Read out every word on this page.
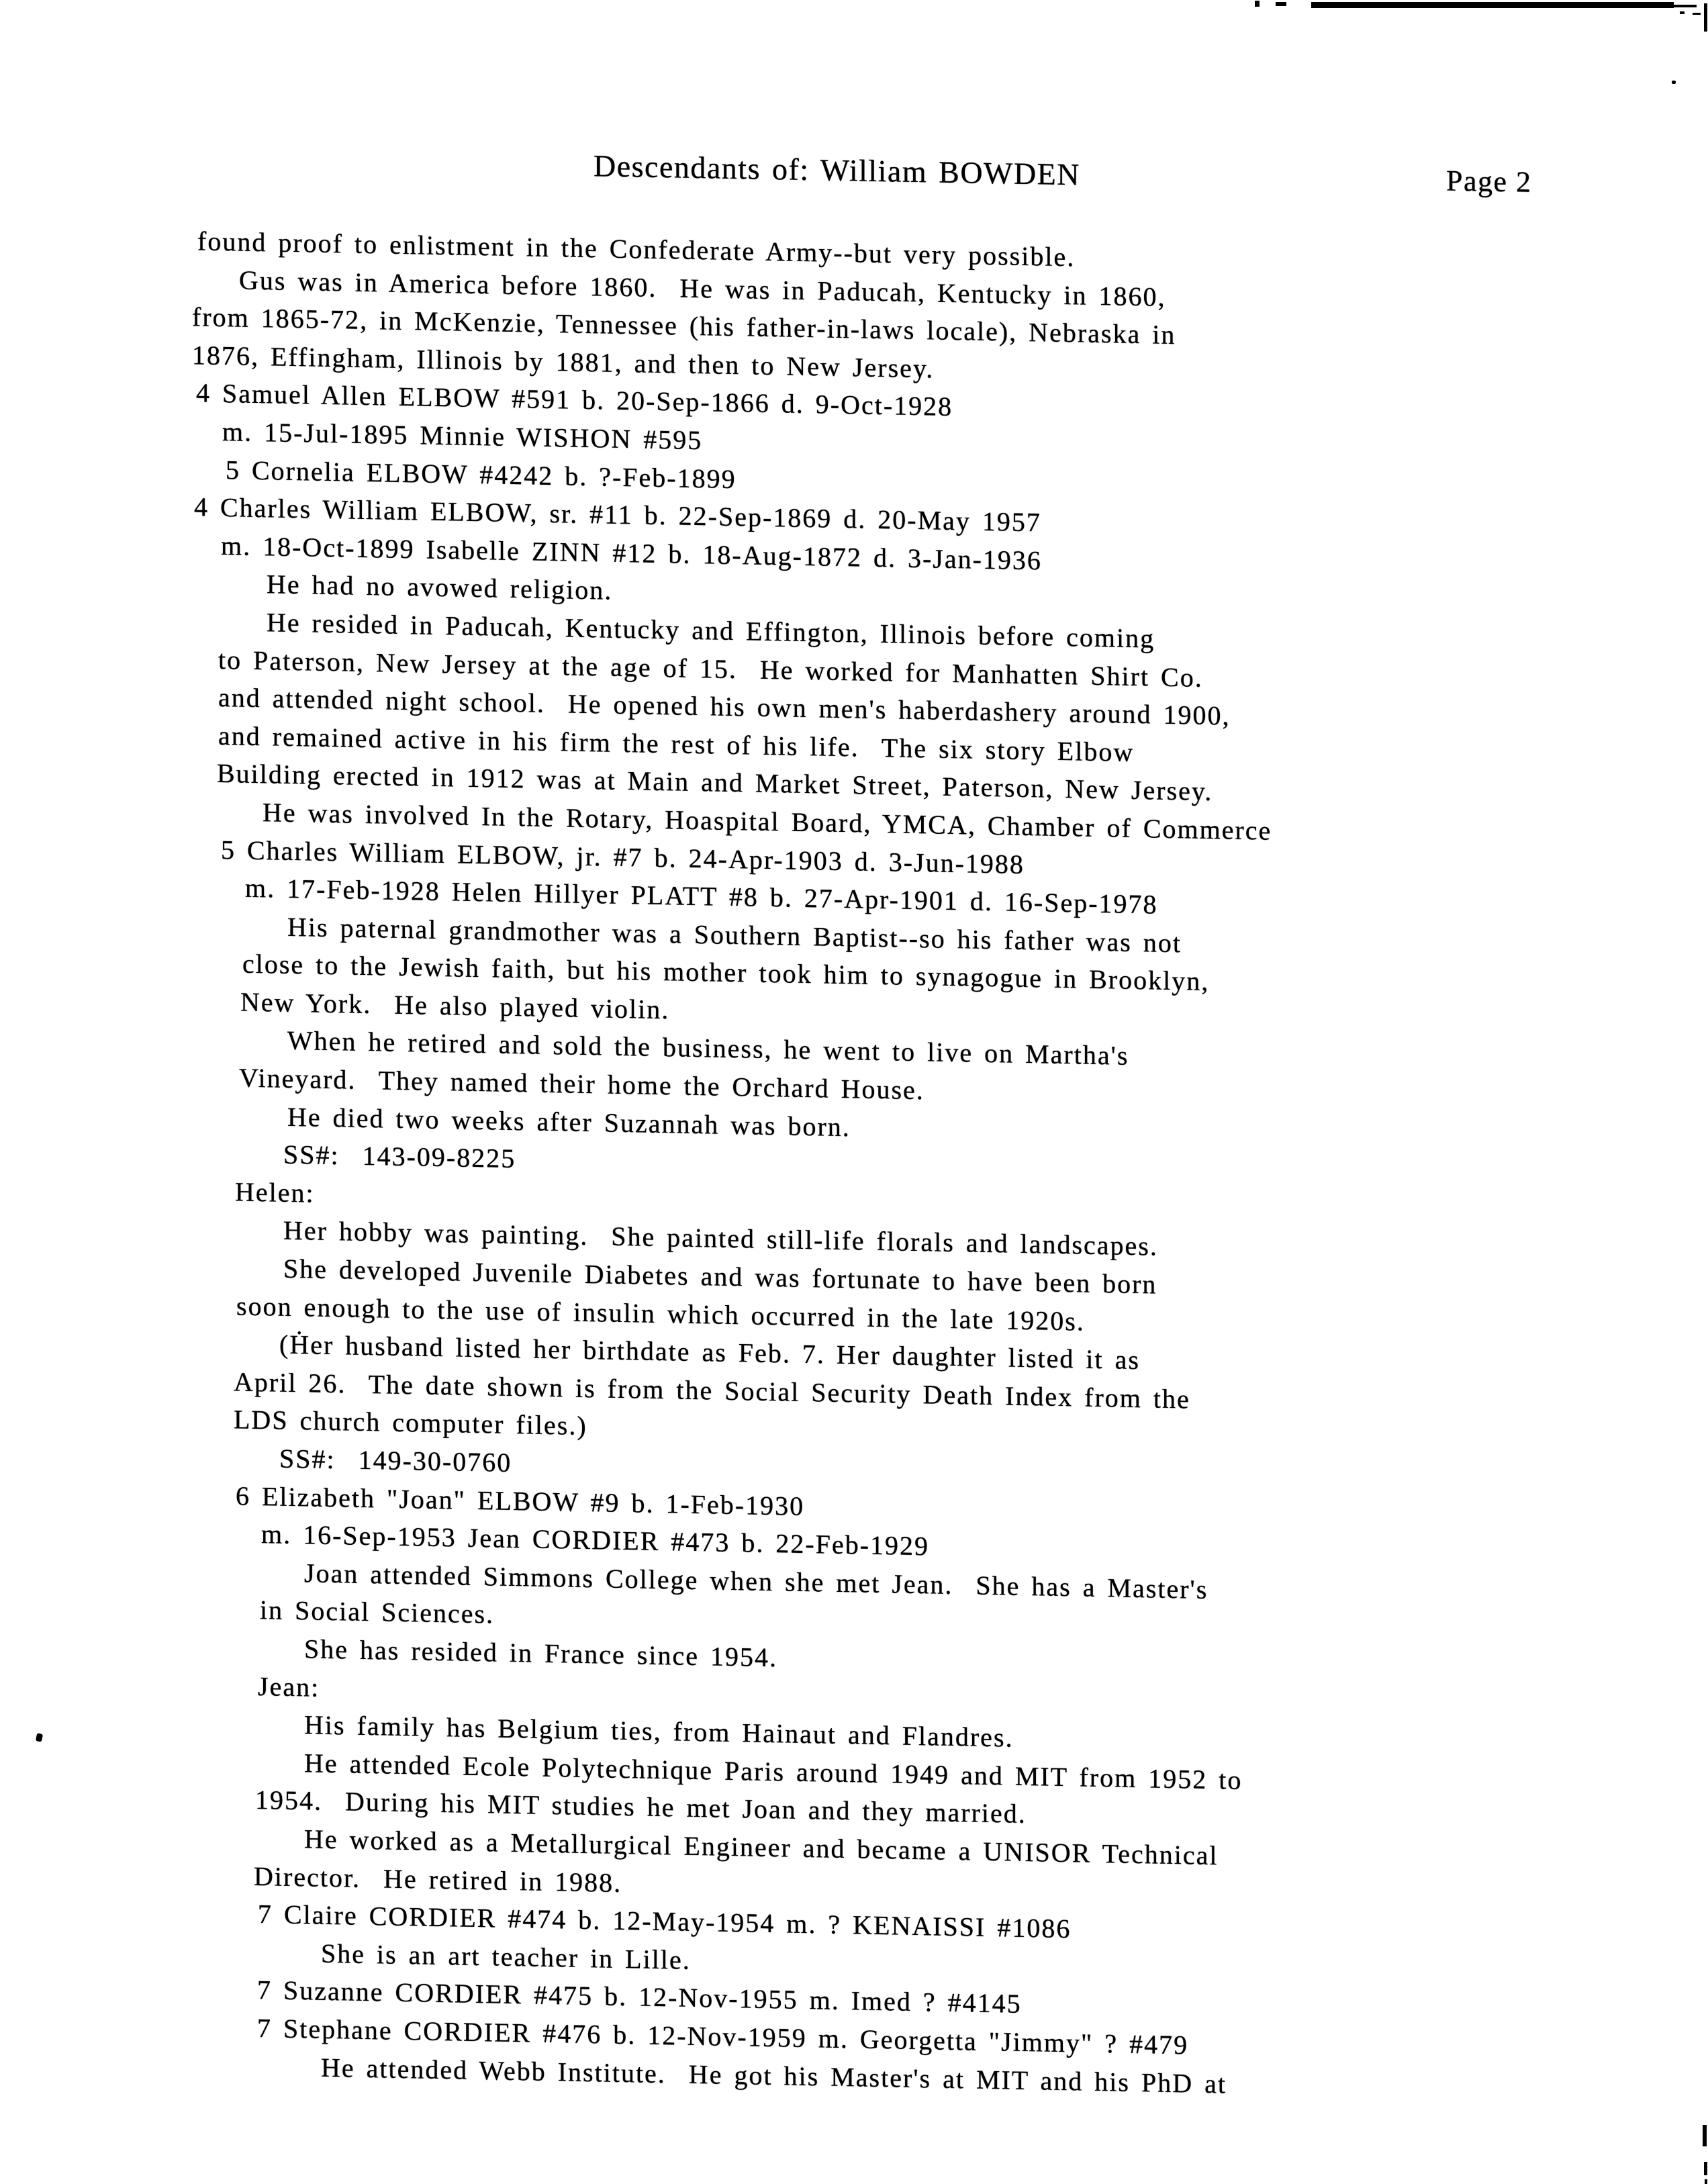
Descendants of: William BOWDEN	Page 2
found proof to enlistment in the Confederate Army--but very possible.
Gus was in America before 1860.  He was in Paducah, Kentucky in 1860,
from 1865-72, in McKenzie, Tennessee (his father-in-laws locale), Nebraska in
1876, Effingham, Illinois by 1881, and then to New Jersey.
4 Samuel Allen ELBOW #591 b. 20-Sep-1866 d. 9-Oct-1928
m. 15-Jul-1895 Minnie WISHON #595
5 Cornelia ELBOW #4242 b. ?-Feb-1899
4 Charles William ELBOW, sr. #11 b. 22-Sep-1869 d. 20-May 1957
m. 18-Oct-1899 Isabelle ZINN #12 b. 18-Aug-1872 d. 3-Jan-1936
He had no avowed religion.
He resided in Paducah, Kentucky and Effington, Illinois before coming
to Paterson, New Jersey at the age of 15.  He worked for Manhatten Shirt Co.
and attended night school.  He opened his own men's haberdashery around 1900,
and remained active in his firm the rest of his life.  The six story Elbow
Building erected in 1912 was at Main and Market Street, Paterson, New Jersey.
He was involved In the Rotary, Hoaspital Board, YMCA, Chamber of Commerce
5 Charles William ELBOW, jr. #7 b. 24-Apr-1903 d. 3-Jun-1988
m. 17-Feb-1928 Helen Hillyer PLATT #8 b. 27-Apr-1901 d. 16-Sep-1978
His paternal grandmother was a Southern Baptist--so his father was not
close to the Jewish faith, but his mother took him to synagogue in Brooklyn,
New York.  He also played violin.
When he retired and sold the business, he went to live on Martha's
Vineyard.  They named their home the Orchard House.
He died two weeks after Suzannah was born.
SS#:  143-09-8225
Helen:
Her hobby was painting.  She painted still-life florals and landscapes.
She developed Juvenile Diabetes and was fortunate to have been born
soon enough to the use of insulin which occurred in the late 1920s.
(Ḣer husband listed her birthdate as Feb. 7. Her daughter listed it as
April 26.  The date shown is from the Social Security Death Index from the
LDS church computer files.)
SS#:  149-30-0760
6 Elizabeth "Joan" ELBOW #9 b. 1-Feb-1930
m. 16-Sep-1953 Jean CORDIER #473 b. 22-Feb-1929
Joan attended Simmons College when she met Jean.  She has a Master's
in Social Sciences.
She has resided in France since 1954.
Jean:
His family has Belgium ties, from Hainaut and Flandres.
He attended Ecole Polytechnique Paris around 1949 and MIT from 1952 to
1954.  During his MIT studies he met Joan and they married.
He worked as a Metallurgical Engineer and became a UNISOR Technical
Director.  He retired in 1988.
7 Claire CORDIER #474 b. 12-May-1954 m. ? KENAISSI #1086
She is an art teacher in Lille.
7 Suzanne CORDIER #475 b. 12-Nov-1955 m. Imed ? #4145
7 Stephane CORDIER #476 b. 12-Nov-1959 m. Georgetta "Jimmy" ? #479
He attended Webb Institute.  He got his Master's at MIT and his PhD at
